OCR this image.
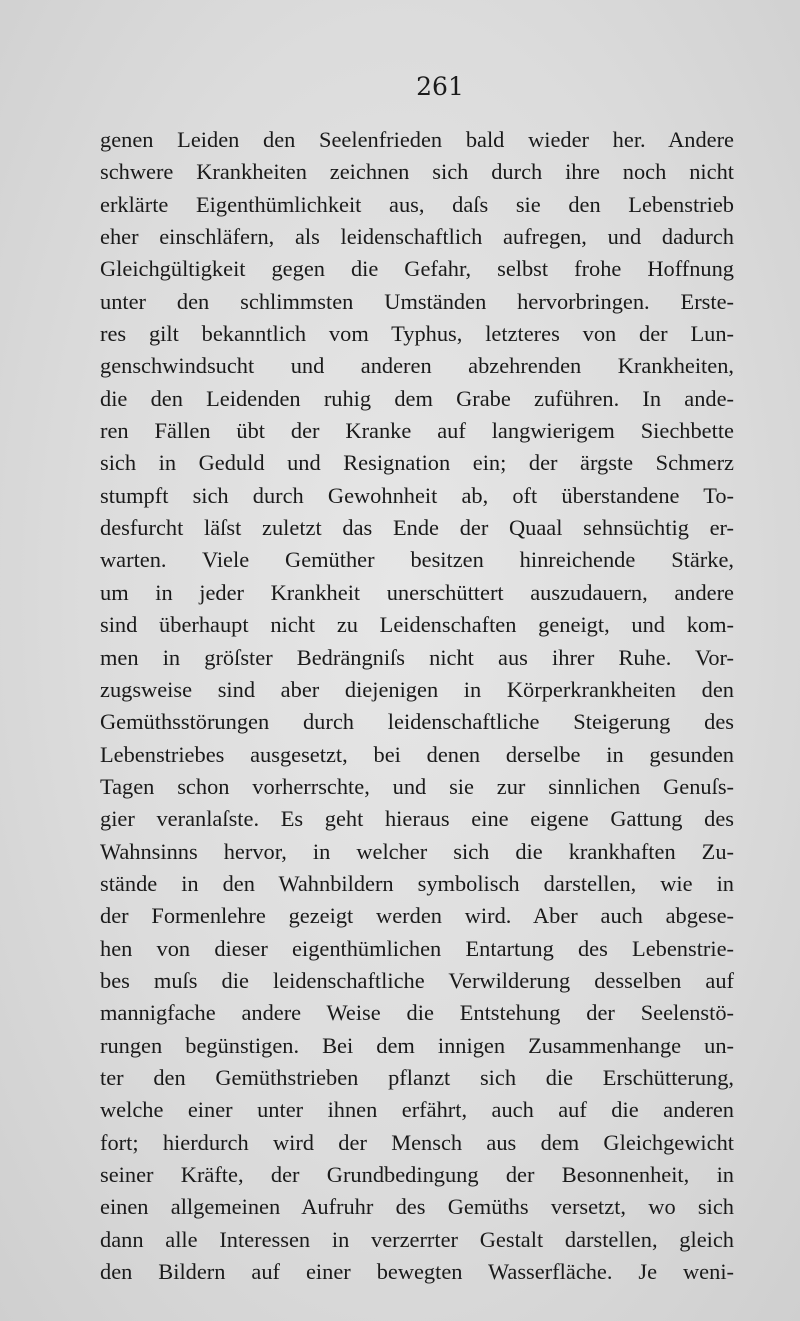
261
genen Leiden den Seelenfrieden bald wieder her. Andere
schwere Krankheiten zeichnen sich durch ihre noch nicht
erklärte Eigenthümlichkeit aus, daſs sie den Lebenstrieb
eher einschläfern, als leidenschaftlich aufregen, und dadurch
Gleichgültigkeit gegen die Gefahr, selbst frohe Hoffnung
unter den schlimmsten Umständen hervorbringen. Erste-
res gilt bekanntlich vom Typhus, letzteres von der Lun-
genschwindsucht und anderen abzehrenden Krankheiten,
die den Leidenden ruhig dem Grabe zuführen. In ande-
ren Fällen übt der Kranke auf langwierigem Siechbette
sich in Geduld und Resignation ein; der ärgste Schmerz
stumpft sich durch Gewohnheit ab, oft überstandene To-
desfurcht läſst zuletzt das Ende der Quaal sehnsüchtig er-
warten. Viele Gemüther besitzen hinreichende Stärke,
um in jeder Krankheit unerschüttert auszudauern, andere
sind überhaupt nicht zu Leidenschaften geneigt, und kom-
men in gröſster Bedrängniſs nicht aus ihrer Ruhe. Vor-
zugsweise sind aber diejenigen in Körperkrankheiten den
Gemüthsstörungen durch leidenschaftliche Steigerung des
Lebenstriebes ausgesetzt, bei denen derselbe in gesunden
Tagen schon vorherrschte, und sie zur sinnlichen Genuſs-
gier veranlaſste. Es geht hieraus eine eigene Gattung des
Wahnsinns hervor, in welcher sich die krankhaften Zu-
stände in den Wahnbildern symbolisch darstellen, wie in
der Formenlehre gezeigt werden wird. Aber auch abgese-
hen von dieser eigenthümlichen Entartung des Lebenstrie-
bes muſs die leidenschaftliche Verwilderung desselben auf
mannigfache andere Weise die Entstehung der Seelenstö-
rungen begünstigen. Bei dem innigen Zusammenhange un-
ter den Gemüthstrieben pflanzt sich die Erschütterung,
welche einer unter ihnen erfährt, auch auf die anderen
fort; hierdurch wird der Mensch aus dem Gleichgewicht
seiner Kräfte, der Grundbedingung der Besonnenheit, in
einen allgemeinen Aufruhr des Gemüths versetzt, wo sich
dann alle Interessen in verzerrter Gestalt darstellen, gleich
den Bildern auf einer bewegten Wasserfläche. Je weni-
